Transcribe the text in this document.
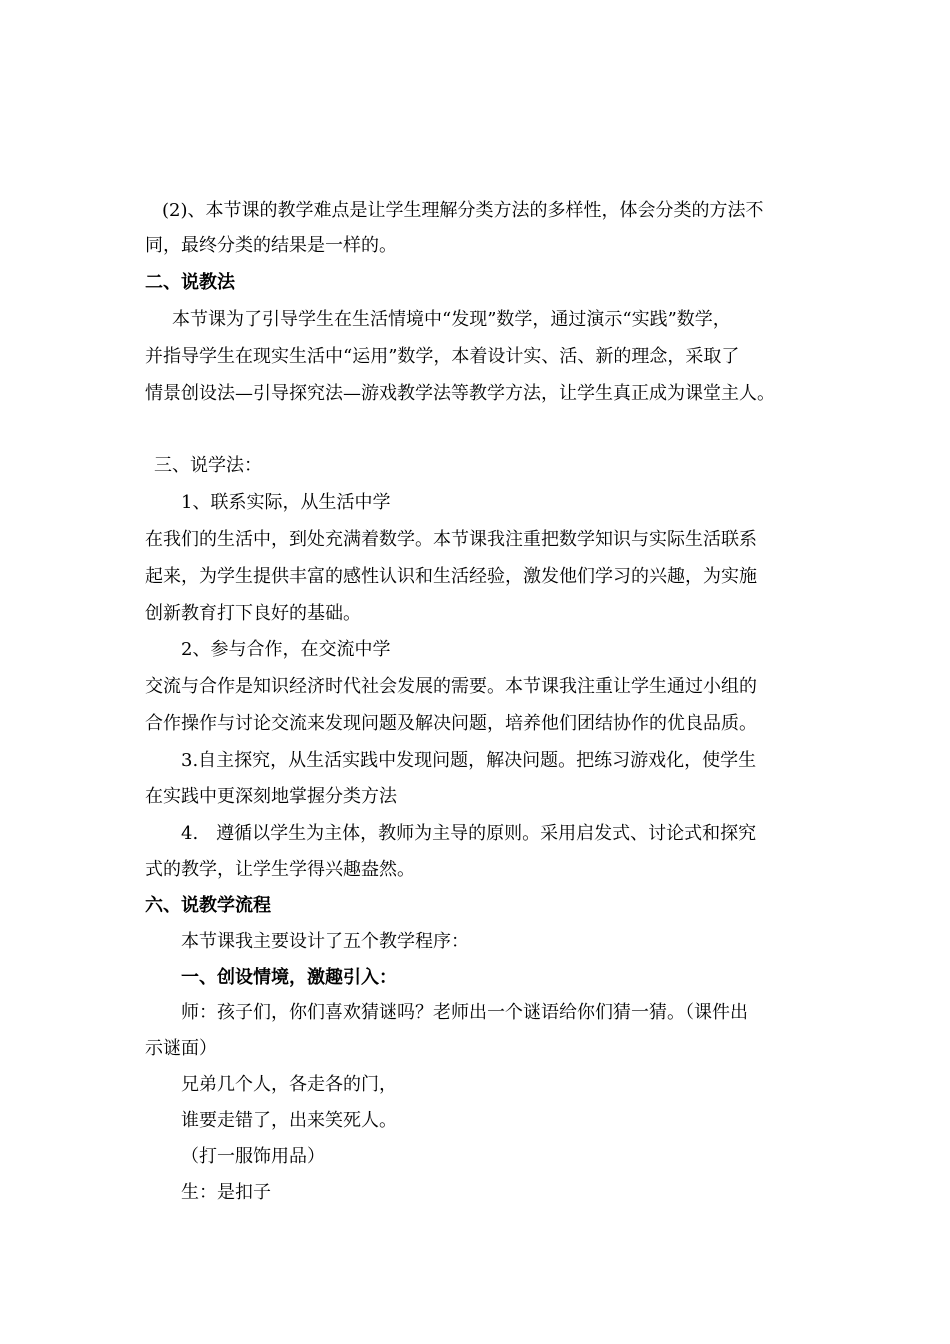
(2)、本节课的教学难点是让学生理解分类方法的多样性，体会分类的方法不
同，最终分类的结果是一样的。
二、说教法
本节课为了引导学生在生活情境中“发现”数学，通过演示“实践”数学，
并指导学生在现实生活中“运用”数学，本着设计实、活、新的理念，采取了
情景创设法—引导探究法—游戏教学法等教学方法，让学生真正成为课堂主人。
三、说学法：
1、联系实际，从生活中学
在我们的生活中，到处充满着数学。本节课我注重把数学知识与实际生活联系
起来，为学生提供丰富的感性认识和生活经验，激发他们学习的兴趣，为实施
创新教育打下良好的基础。
2、参与合作，在交流中学
交流与合作是知识经济时代社会发展的需要。本节课我注重让学生通过小组的
合作操作与讨论交流来发现问题及解决问题，培养他们团结协作的优良品质。
3.自主探究，从生活实践中发现问题，解决问题。把练习游戏化，使学生
在实践中更深刻地掌握分类方法
4.　遵循以学生为主体，教师为主导的原则。采用启发式、讨论式和探究
式的教学，让学生学得兴趣盎然。
六、说教学流程
本节课我主要设计了五个教学程序：
一、创设情境，激趣引入：
师：孩子们，你们喜欢猜谜吗？老师出一个谜语给你们猜一猜。（课件出
示谜面）
兄弟几个人，各走各的门，
谁要走错了，出来笑死人。
（打一服饰用品）
生：是扣子
